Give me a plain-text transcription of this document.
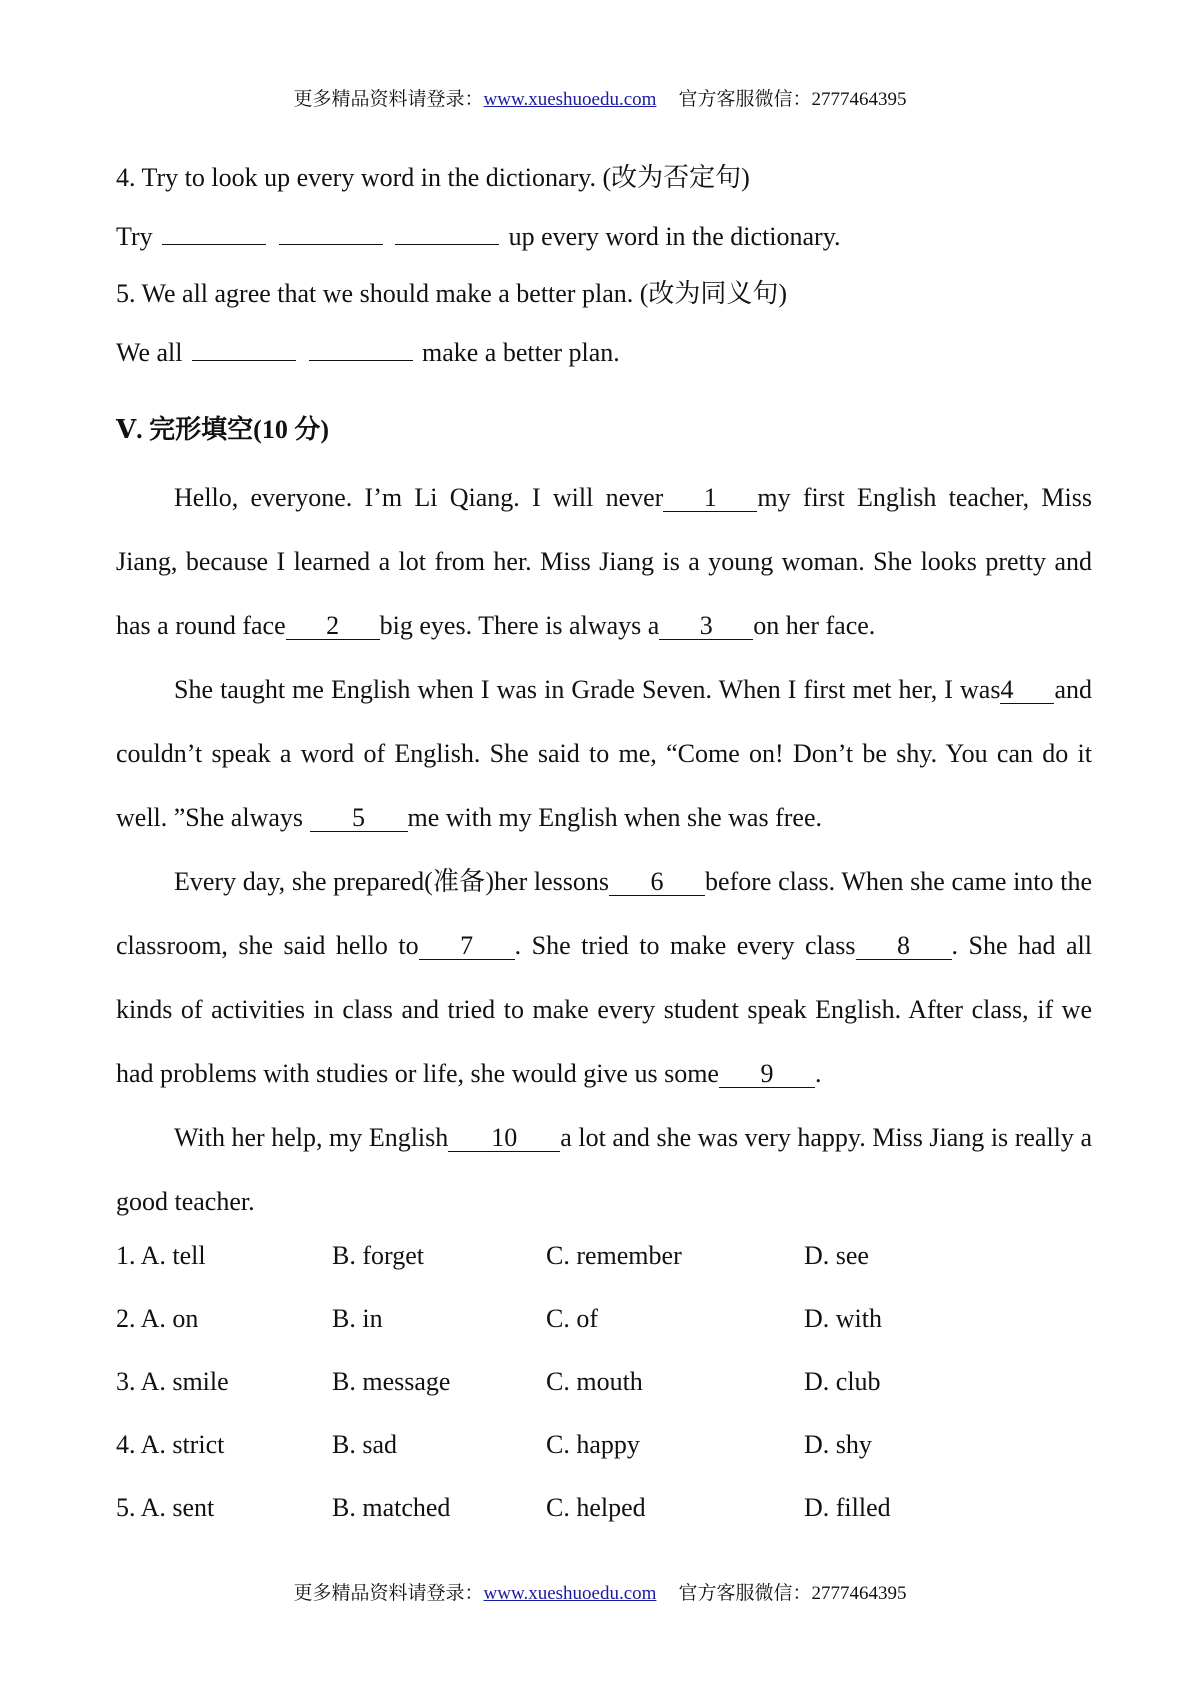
更多精品资料请登录：www.xueshuoedu.com 官方客服微信：2777464395
4. Try to look up every word in the dictionary. (改为否定句)
Try	up every word in the dictionary.
5. We all agree that we should make a better plan. (改为同义句)
We all	make a better plan.
Ⅴ. 完形填空(10 分)
Hello, everyone. I’m Li Qiang. I will never 1 my first English teacher, Miss Jiang, because I learned a lot from her. Miss Jiang is a young woman. She looks pretty and has a round face 2 big eyes. There is always a 3 on her face.
She taught me English when I was in Grade Seven. When I first met her, I was4 and couldn’t speak a word of English. She said to me, “Come on! Don’t be shy. You can do it well. ”She always 5 me with my English when she was free.
Every day, she prepared(准备)her lessons 6 before class. When she came into the classroom, she said hello to 7 . She tried to make every class 8 . She had all kinds of activities in class and tried to make every student speak English. After class, if we had problems with studies or life, she would give us some 9 .
With her help, my English 10 a lot and she was very happy. Miss Jiang is really a good teacher.
1. A. tell	B. forget	C. remember	D. see
2. A. on	B. in	C. of	D. with
3. A. smile	B. message	C. mouth	D. club
4. A. strict	B. sad	C. happy	D. shy
5. A. sent	B. matched	C. helped	D. filled
更多精品资料请登录：www.xueshuoedu.com 官方客服微信：2777464395
